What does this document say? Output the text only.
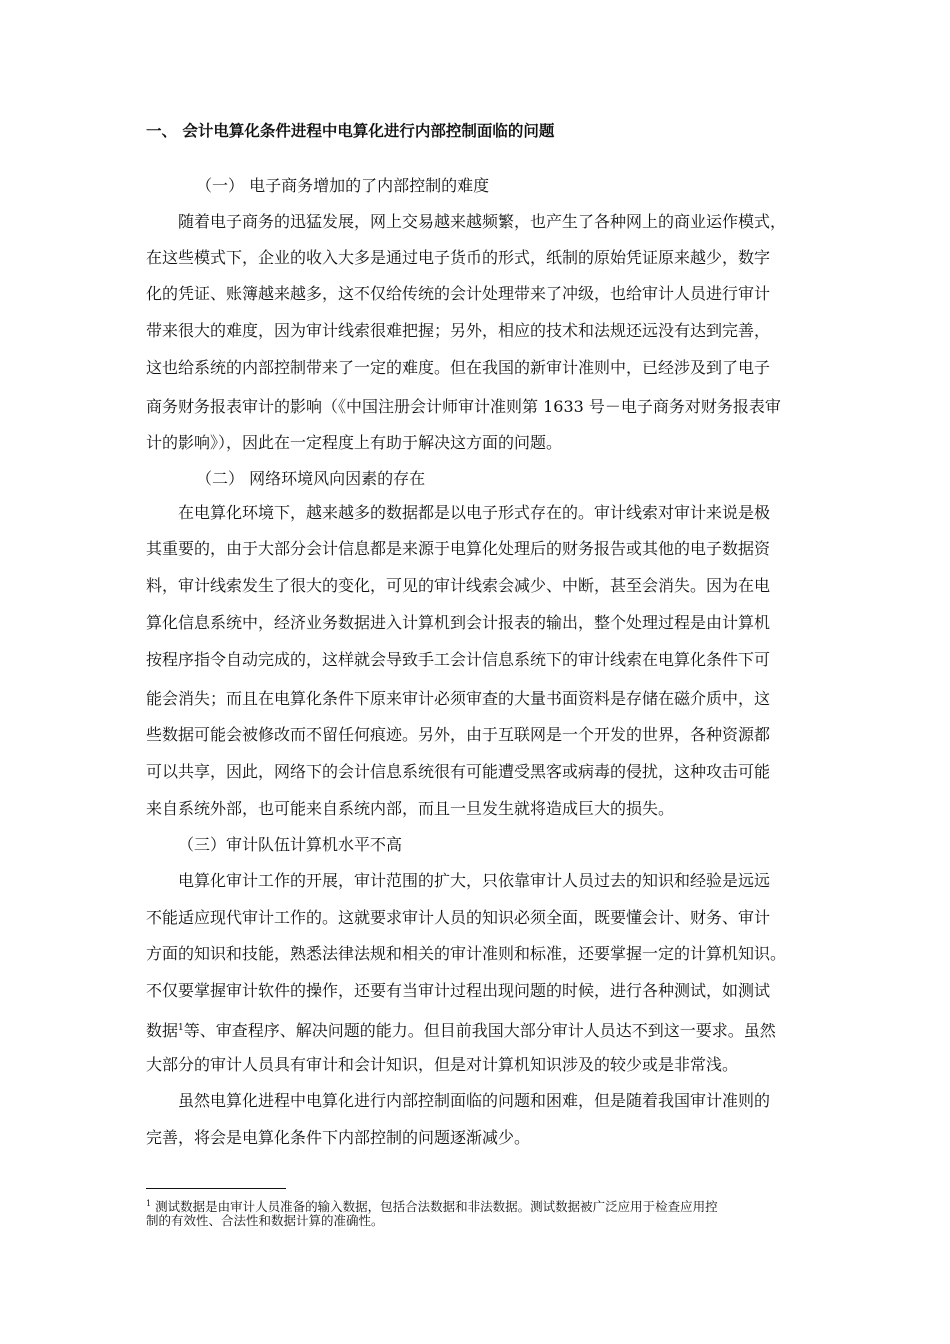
一、 会计电算化条件进程中电算化进行内部控制面临的问题
（一） 电子商务增加的了内部控制的难度
随着电子商务的迅猛发展，网上交易越来越频繁，也产生了各种网上的商业运作模式，
在这些模式下，企业的收入大多是通过电子货币的形式，纸制的原始凭证原来越少，数字
化的凭证、账簿越来越多，这不仅给传统的会计处理带来了冲级，也给审计人员进行审计
带来很大的难度，因为审计线索很难把握；另外，相应的技术和法规还远没有达到完善，
这也给系统的内部控制带来了一定的难度。但在我国的新审计准则中，已经涉及到了电子
商务财务报表审计的影响（《中国注册会计师审计准则第 1633 号－电子商务对财务报表审
计的影响》），因此在一定程度上有助于解决这方面的问题。
（二） 网络环境风向因素的存在
在电算化环境下，越来越多的数据都是以电子形式存在的。审计线索对审计来说是极
其重要的，由于大部分会计信息都是来源于电算化处理后的财务报告或其他的电子数据资
料，审计线索发生了很大的变化，可见的审计线索会减少、中断，甚至会消失。因为在电
算化信息系统中，经济业务数据进入计算机到会计报表的输出，整个处理过程是由计算机
按程序指令自动完成的，这样就会导致手工会计信息系统下的审计线索在电算化条件下可
能会消失；而且在电算化条件下原来审计必须审查的大量书面资料是存储在磁介质中，这
些数据可能会被修改而不留任何痕迹。另外，由于互联网是一个开发的世界，各种资源都
可以共享，因此，网络下的会计信息系统很有可能遭受黑客或病毒的侵扰，这种攻击可能
来自系统外部，也可能来自系统内部，而且一旦发生就将造成巨大的损失。
（三）审计队伍计算机水平不高
电算化审计工作的开展，审计范围的扩大，只依靠审计人员过去的知识和经验是远远
不能适应现代审计工作的。这就要求审计人员的知识必须全面，既要懂会计、财务、审计
方面的知识和技能，熟悉法律法规和相关的审计准则和标准，还要掌握一定的计算机知识。
不仅要掌握审计软件的操作，还要有当审计过程出现问题的时候，进行各种测试，如测试
数据$^1$等、审查程序、解决问题的能力。但目前我国大部分审计人员达不到这一要求。虽然
大部分的审计人员具有审计和会计知识，但是对计算机知识涉及的较少或是非常浅。
虽然电算化进程中电算化进行内部控制面临的问题和困难，但是随着我国审计准则的
完善，将会是电算化条件下内部控制的问题逐渐减少。
$^1$ 测试数据是由审计人员准备的输入数据，包括合法数据和非法数据。测试数据被广泛应用于检查应用控
制的有效性、合法性和数据计算的准确性。
